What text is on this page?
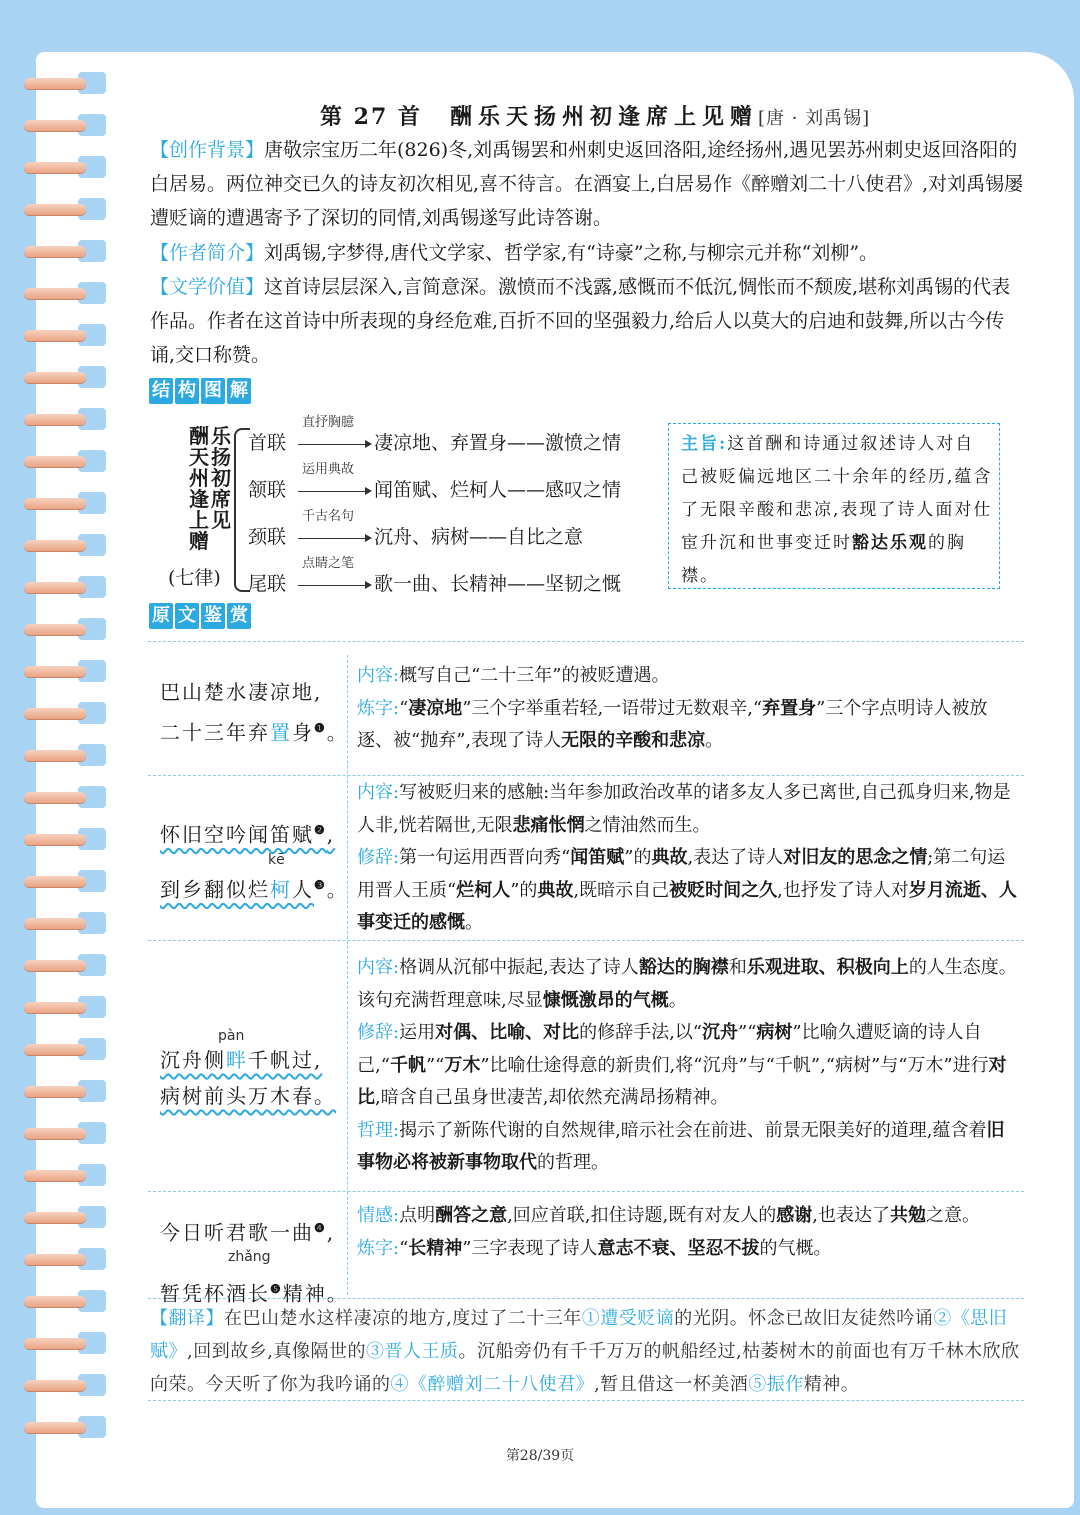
第 27 首 酬乐天扬州初逢席上见赠[唐 · 刘禹锡]
【创作背景】唐敬宗宝历二年(826)冬,刘禹锡罢和州刺史返回洛阳,途经扬州,遇见罢苏州刺史返回洛阳的白居易。两位神交已久的诗友初次相见,喜不待言。在酒宴上,白居易作《醉赠刘二十八使君》,对刘禹锡屡遭贬谪的遭遇寄予了深切的同情,刘禹锡遂写此诗答谢。
【作者简介】刘禹锡,字梦得,唐代文学家、哲学家,有“诗豪”之称,与柳宗元并称“刘柳”。
【文学价值】这首诗层层深入,言简意深。激愤而不浅露,感慨而不低沉,惆怅而不颓废,堪称刘禹锡的代表作品。作者在这首诗中所表现的身经危难,百折不回的坚强毅力,给后人以莫大的启迪和鼓舞,所以古今传诵,交口称赞。
结 构 图 解
酬 乐天 扬州 初逢 席上 见赠
(七律)
首联
直抒胸臆
凄凉地、弃置身——激愤之情
颔联
运用典故
闻笛赋、烂柯人——感叹之情
颈联
千古名句
沉舟、病树——自比之意
尾联
点睛之笔
歌一曲、长精神——坚韧之慨
主旨:这首酬和诗通过叙述诗人对自己被贬偏远地区二十余年的经历,蕴含了无限辛酸和悲凉,表现了诗人面对仕宦升沉和世事变迁时豁达乐观的胸襟。
原 文 鉴 赏
巴山楚水凄凉地,
二十三年弃置身$^❶$。
怀旧空吟闻笛赋$^❷$,
到乡翻似烂柯人$^❸$。
kē
沉舟侧畔千帆过,
病树前头万木春。
pàn
今日听君歌一曲$^❹$,
暂凭杯酒长$^❺$精神。
zhǎng
内容:概写自己“二十三年”的被贬遭遇。
炼字:“凄凉地”三个字举重若轻,一语带过无数艰辛,“弃置身”三个字点明诗人被放逐、被“抛弃”,表现了诗人无限的辛酸和悲凉。
内容:写被贬归来的感触:当年参加政治改革的诸多友人多已离世,自己孤身归来,物是人非,恍若隔世,无限悲痛怅惘之情油然而生。
修辞:第一句运用西晋向秀“闻笛赋”的典故,表达了诗人对旧友的思念之情;第二句运用晋人王质“烂柯人”的典故,既暗示自己被贬时间之久,也抒发了诗人对岁月流逝、人事变迁的感慨。
内容:格调从沉郁中振起,表达了诗人豁达的胸襟和乐观进取、积极向上的人生态度。该句充满哲理意味,尽显慷慨激昂的气概。
修辞:运用对偶、比喻、对比的修辞手法,以“沉舟”“病树”比喻久遭贬谪的诗人自己,“千帆”“万木”比喻仕途得意的新贵们,将“沉舟”与“千帆”,“病树”与“万木”进行对比,暗含自己虽身世凄苦,却依然充满昂扬精神。
哲理:揭示了新陈代谢的自然规律,暗示社会在前进、前景无限美好的道理,蕴含着旧事物必将被新事物取代的哲理。
情感:点明酬答之意,回应首联,扣住诗题,既有对友人的感谢,也表达了共勉之意。
炼字:“长精神”三字表现了诗人意志不衰、坚忍不拔的气概。
【翻译】在巴山楚水这样凄凉的地方,度过了二十三年①遭受贬谪的光阴。怀念已故旧友徒然吟诵②《思旧赋》,回到故乡,真像隔世的③晋人王质。沉船旁仍有千千万万的帆船经过,枯萎树木的前面也有万千林木欣欣向荣。今天听了你为我吟诵的④《醉赠刘二十八使君》,暂且借这一杯美酒⑤振作精神。
第28/39页
